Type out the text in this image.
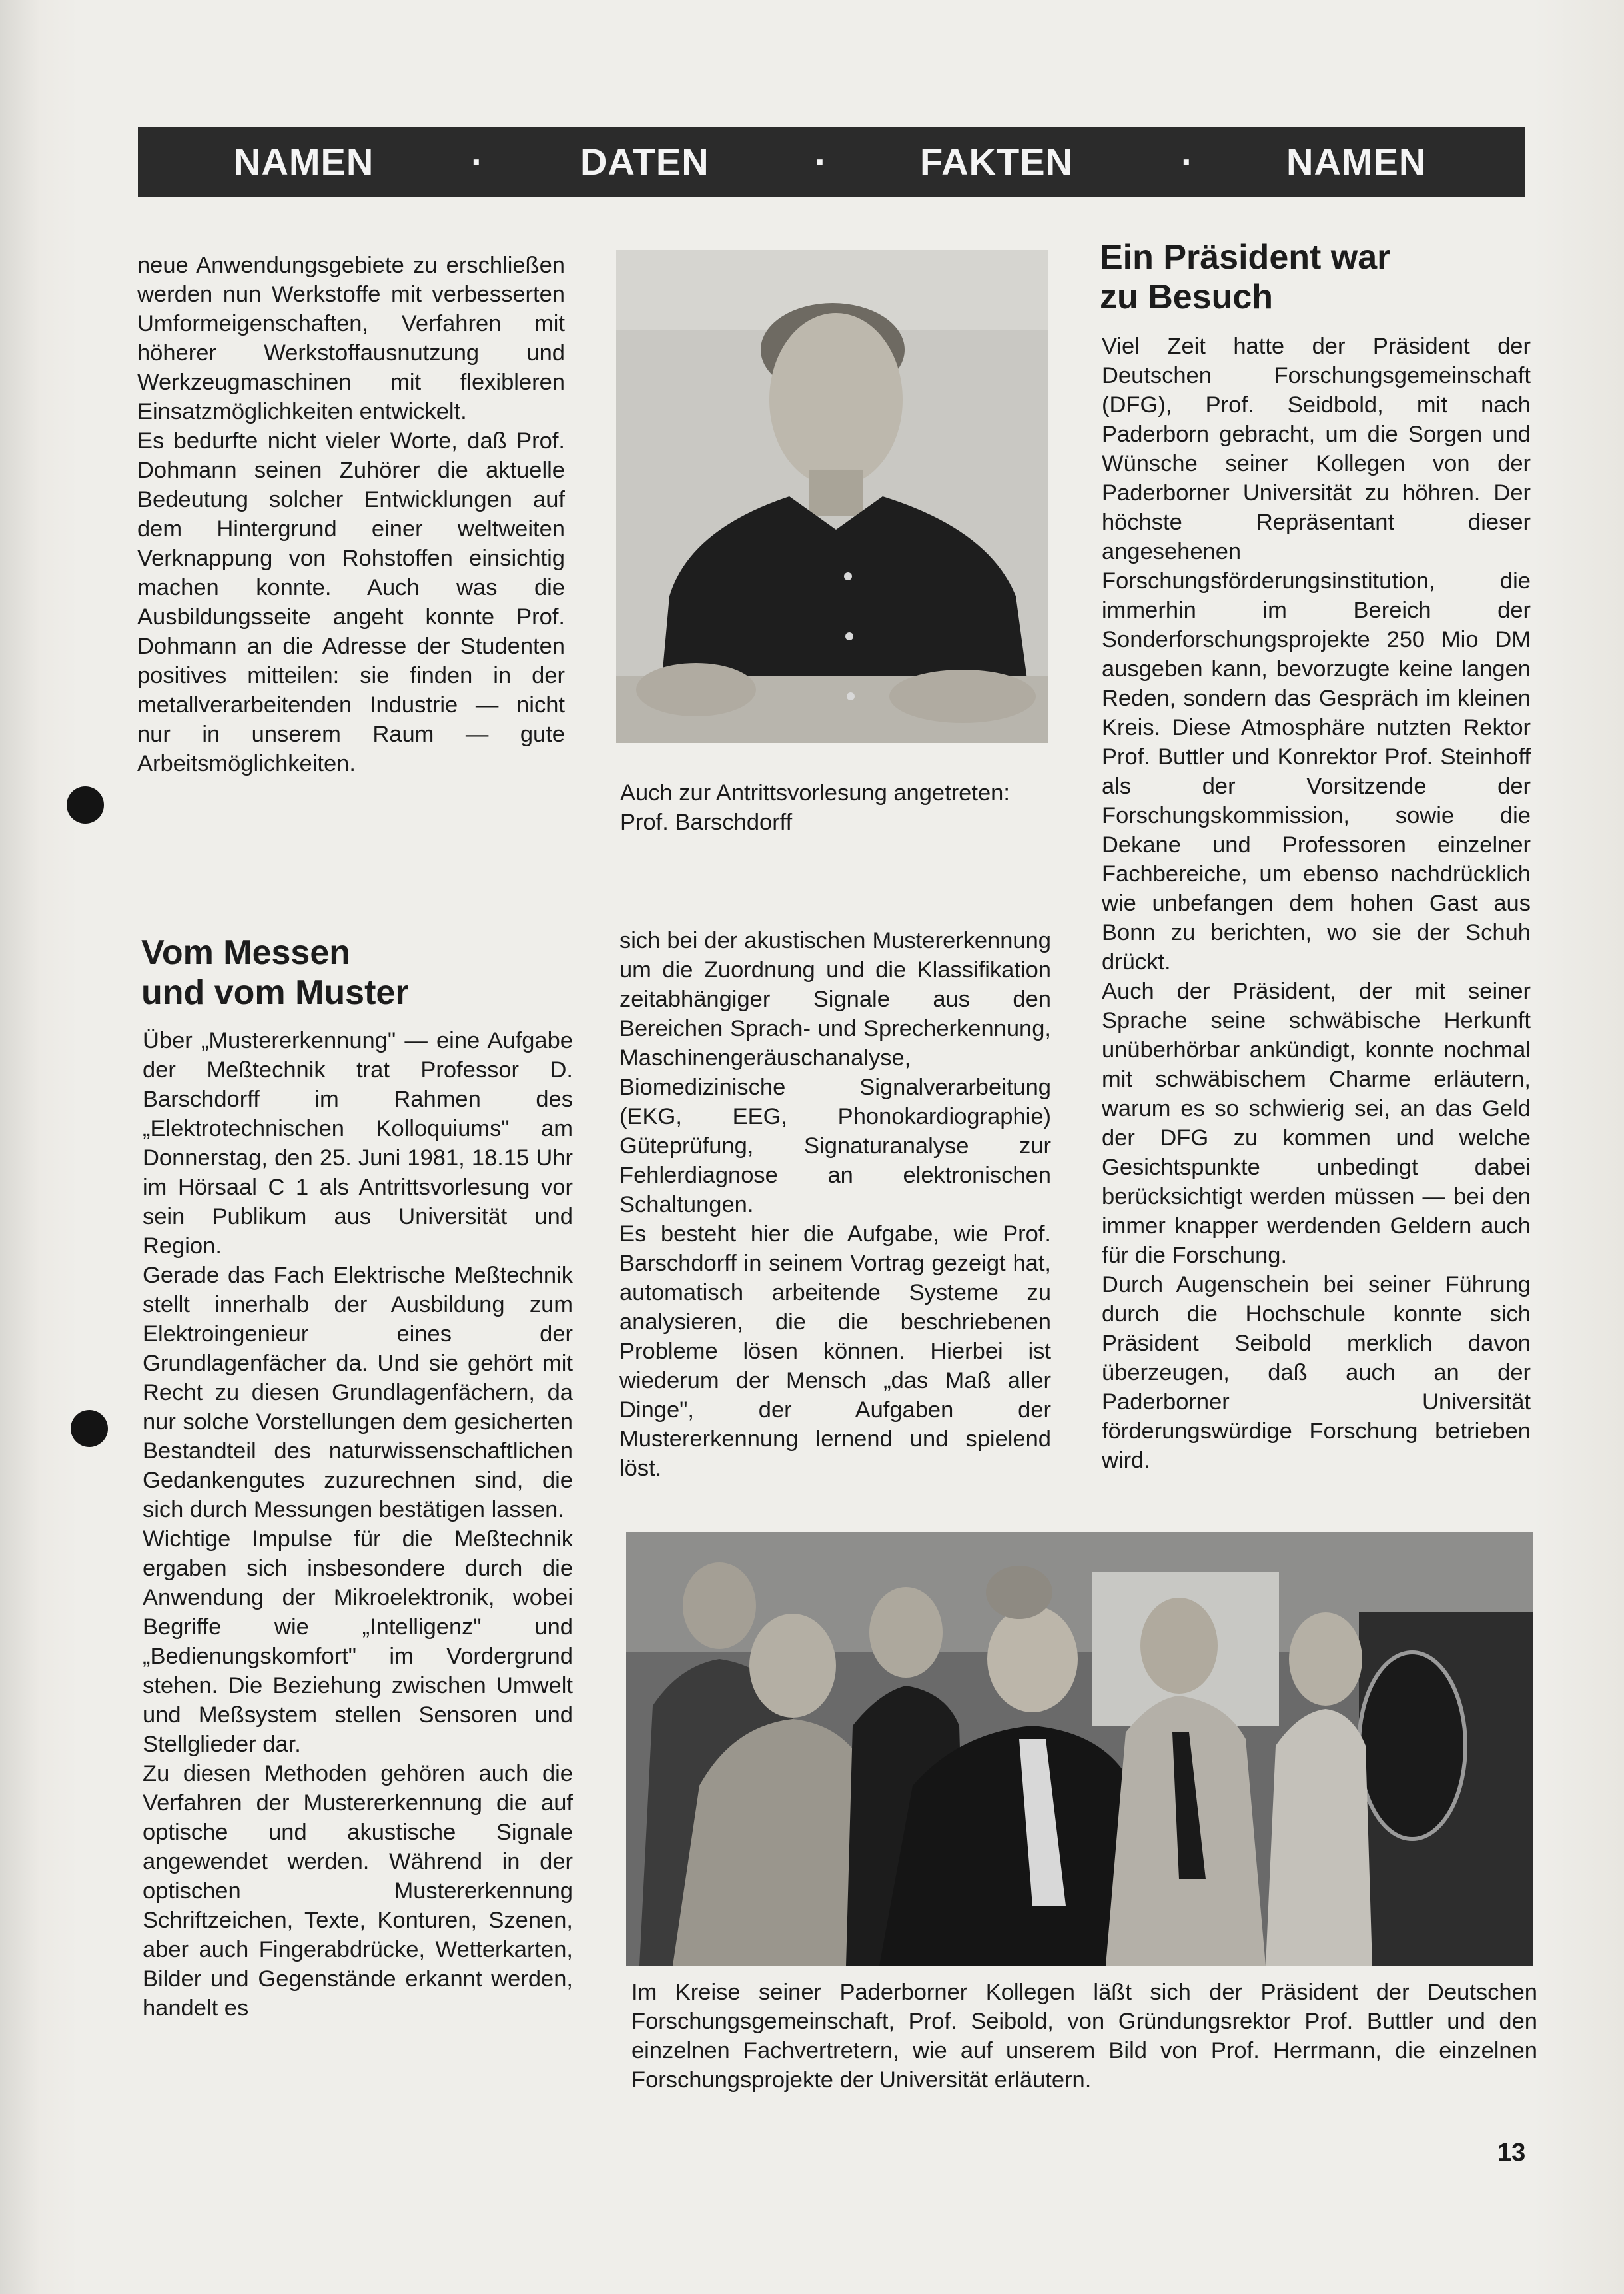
NAMEN	·	DATEN	· FAKTEN	· NAMEN

neue Anwendungsgebiete zu erschließen werden nun Werkstoffe mit verbesserten Umformeigenschaften, Verfahren mit höherer Werkstoffausnutzung und Werkzeugmaschinen mit flexibleren Einsatzmöglichkeiten entwickelt.

Es bedurfte nicht vieler Worte, daß Prof. Dohmann seinen Zuhörer die aktuelle Bedeutung solcher Entwicklungen auf dem Hintergrund einer weltweiten Verknappung von Rohstoffen einsichtig machen konnte. Auch was die Ausbildungsseite angeht konnte Prof. Dohmann an die Adresse der Studenten positives mitteilen: sie finden in der metallverarbeitenden Industrie — nicht nur in unserem Raum — gute Arbeitsmöglichkeiten.

Auch zur Antrittsvorlesung angetreten: Prof. Barschdorff
Ein Präsident war
zu Besuch

Viel Zeit hatte der Präsident der Deutschen Forschungsgemeinschaft (DFG), Prof. Seidbold, mit nach Paderborn gebracht, um die Sorgen und Wünsche seiner Kollegen von der Paderborner Universität zu höhren. Der höchste Repräsentant dieser angesehenen Forschungsförderungsinstitution, die immerhin im Bereich der Sonderforschungsprojekte 250 Mio DM ausgeben kann, bevorzugte keine langen Reden, sondern das Gespräch im kleinen Kreis. Diese Atmosphäre nutzten Rektor Prof. Buttler und Konrektor Prof. Steinhoff als der Vorsitzende der Forschungskommission, sowie die Dekane und Professoren einzelner Fachbereiche, um ebenso nachdrücklich wie unbefangen dem hohen Gast aus Bonn zu berichten, wo sie der Schuh drückt.

Auch der Präsident, der mit seiner Sprache seine schwäbische Herkunft unüberhörbar ankündigt, konnte nochmal mit schwäbischem Charme erläutern, warum es so schwierig sei, an das Geld der DFG zu kommen und welche Gesichtspunkte unbedingt dabei berücksichtigt werden müssen — bei den immer knapper werdenden Geldern auch für die Forschung.

Durch Augenschein bei seiner Führung durch die Hochschule konnte sich Präsident Seibold merklich davon überzeugen, daß auch an der Paderborner Universität förderungswürdige Forschung betrieben wird.

Vom Messen
und vom Muster

Über „Mustererkennung" — eine Aufgabe der Meßtechnik trat Professor D. Barschdorff im Rahmen des „Elektrotechnischen Kolloquiums" am Donnerstag, den 25. Juni 1981, 18.15 Uhr im Hörsaal C 1 als Antrittsvorlesung vor sein Publikum aus Universität und Region.

Gerade das Fach Elektrische Meßtechnik stellt innerhalb der Ausbildung zum Elektroingenieur eines der Grundlagenfächer da. Und sie gehört mit Recht zu diesen Grundlagenfächern, da nur solche Vorstellungen dem gesicherten Bestandteil des naturwissenschaftlichen Gedankengutes zuzurechnen sind, die sich durch Messungen bestätigen lassen.

Wichtige Impulse für die Meßtechnik ergaben sich insbesondere durch die Anwendung der Mikroelektronik, wobei Begriffe wie „Intelligenz" und „Bedienungskomfort" im Vordergrund stehen. Die Beziehung zwischen Umwelt und Meßsystem stellen Sensoren und Stellglieder dar.

Zu diesen Methoden gehören auch die Verfahren der Mustererkennung die auf optische und akustische Signale angewendet werden. Während in der optischen Mustererkennung Schriftzeichen, Texte, Konturen, Szenen, aber auch Fingerabdrücke, Wetterkarten, Bilder und Gegenstände erkannt werden, handelt es

sich bei der akustischen Mustererkennung um die Zuordnung und die Klassifikation zeitabhängiger Signale aus den Bereichen Sprach- und Sprecherkennung, Maschinengeräuschanalyse, Biomedizinische Signalverarbeitung (EKG, EEG, Phonokardiographie) Güteprüfung, Signaturanalyse zur Fehlerdiagnose an elektronischen Schaltungen.

Es besteht hier die Aufgabe, wie Prof. Barschdorff in seinem Vortrag gezeigt hat, automatisch arbeitende Systeme zu analysieren, die die beschriebenen Probleme lösen können. Hierbei ist wiederum der Mensch „das Maß aller Dinge", der Aufgaben der Mustererkennung lernend und spielend löst.

Im Kreise seiner Paderborner Kollegen läßt sich der Präsident der Deutschen Forschungsgemeinschaft, Prof. Seibold, von Gründungsrektor Prof. Buttler und den einzelnen Fachvertretern, wie auf unserem Bild von Prof. Herrmann, die einzelnen Forschungsprojekte der Universität erläutern.
13
